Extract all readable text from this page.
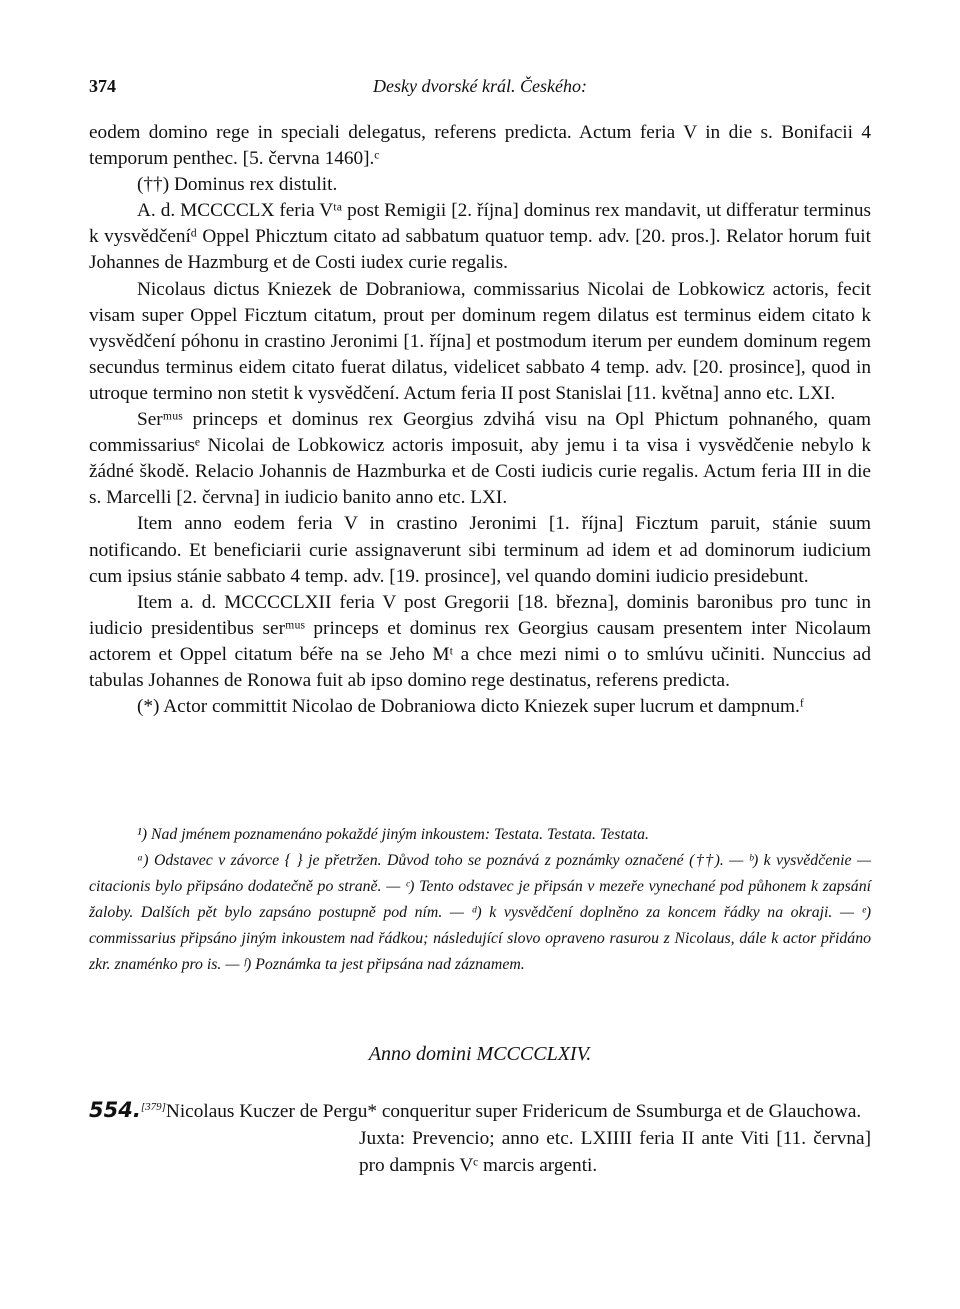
374	Desky dvorské král. Českého:

eodem domino rege in speciali delegatus, referens predicta. Actum feria V in die s. Bonifacii 4 temporum penthec. [5. června 1460].ᶜ

(††) Dominus rex distulit.

A. d. MCCCCLX feria Vᵗᵃ post Remigii [2. října] dominus rex mandavit, ut differatur terminus k vysvědčeníᵈ Oppel Phicztum citato ad sabbatum quatuor temp. adv. [20. pros.]. Relator horum fuit Johannes de Hazmburg et de Costi iudex curie regalis.

Nicolaus dictus Kniezek de Dobraniowa, commissarius Nicolai de Lobkowicz actoris, fecit visam super Oppel Ficztum citatum, prout per dominum regem dilatus est terminus eidem citato k vysvědčení póhonu in crastino Jeronimi [1. října] et postmodum iterum per eundem dominum regem secundus terminus eidem citato fuerat dilatus, videlicet sabbato 4 temp. adv. [20. prosince], quod in utroque termino non stetit k vysvědčení. Actum feria II post Stanislai [11. května] anno etc. LXI.

Serᵐᵘˢ princeps et dominus rex Georgius zdvihá visu na Opl Phictum pohnaného, quam commissariusᵉ Nicolai de Lobkowicz actoris imposuit, aby jemu i ta visa i vysvědčenie nebylo k žádné škodě. Relacio Johannis de Hazmburka et de Costi iudicis curie regalis. Actum feria III in die s. Marcelli [2. června] in iudicio banito anno etc. LXI.

Item anno eodem feria V in crastino Jeronimi [1. října] Ficztum paruit, stánie suum notificando. Et beneficiarii curie assignaverunt sibi terminum ad idem et ad dominorum iudicium cum ipsius stánie sabbato 4 temp. adv. [19. prosince], vel quando domini iudicio presidebunt.

Item a. d. MCCCCLXII feria V post Gregorii [18. března], dominis baronibus pro tunc in iudicio presidentibus serᵐᵘˢ princeps et dominus rex Georgius causam presentem inter Nicolaum actorem et Oppel citatum béře na se Jeho Mᵗ a chce mezi nimi o to smlúvu učiniti. Nunccius ad tabulas Johannes de Ronowa fuit ab ipso domino rege destinatus, referens predicta.

(*) Actor committit Nicolao de Dobraniowa dicto Kniezek super lucrum et dampnum.ᶠ

¹) Nad jménem poznamenáno pokaždé jiným inkoustem: Testata. Testata. Testata.

ᵃ) Odstavec v závorce { } je přetržen. Důvod toho se poznává z poznámky označené (††). — ᵇ) k vysvědčenie — citacionis bylo připsáno dodatečně po straně. — ᶜ) Tento odstavec je připsán v mezeře vynechané pod půhonem k zapsání žaloby. Dalších pět bylo zapsáno postupně pod ním. — ᵈ) k vysvědčení doplněno za koncem řádky na okraji. — ᵉ) commissarius připsáno jiným inkoustem nad řádkou; následující slovo opraveno rasurou z Nicolaus, dále k actor přidáno zkr. znaménko pro is. — ᶠ) Poznámka ta jest připsána nad záznamem.

Anno domini MCCCCLXIV.

554.[379]Nicolaus Kuczer de Pergu* conqueritur super Fridericum de Ssumburga et de Glauchowa.

Juxta: Prevencio; anno etc. LXIIII feria II ante Viti [11. června] pro dampnis Vᶜ marcis argenti.
